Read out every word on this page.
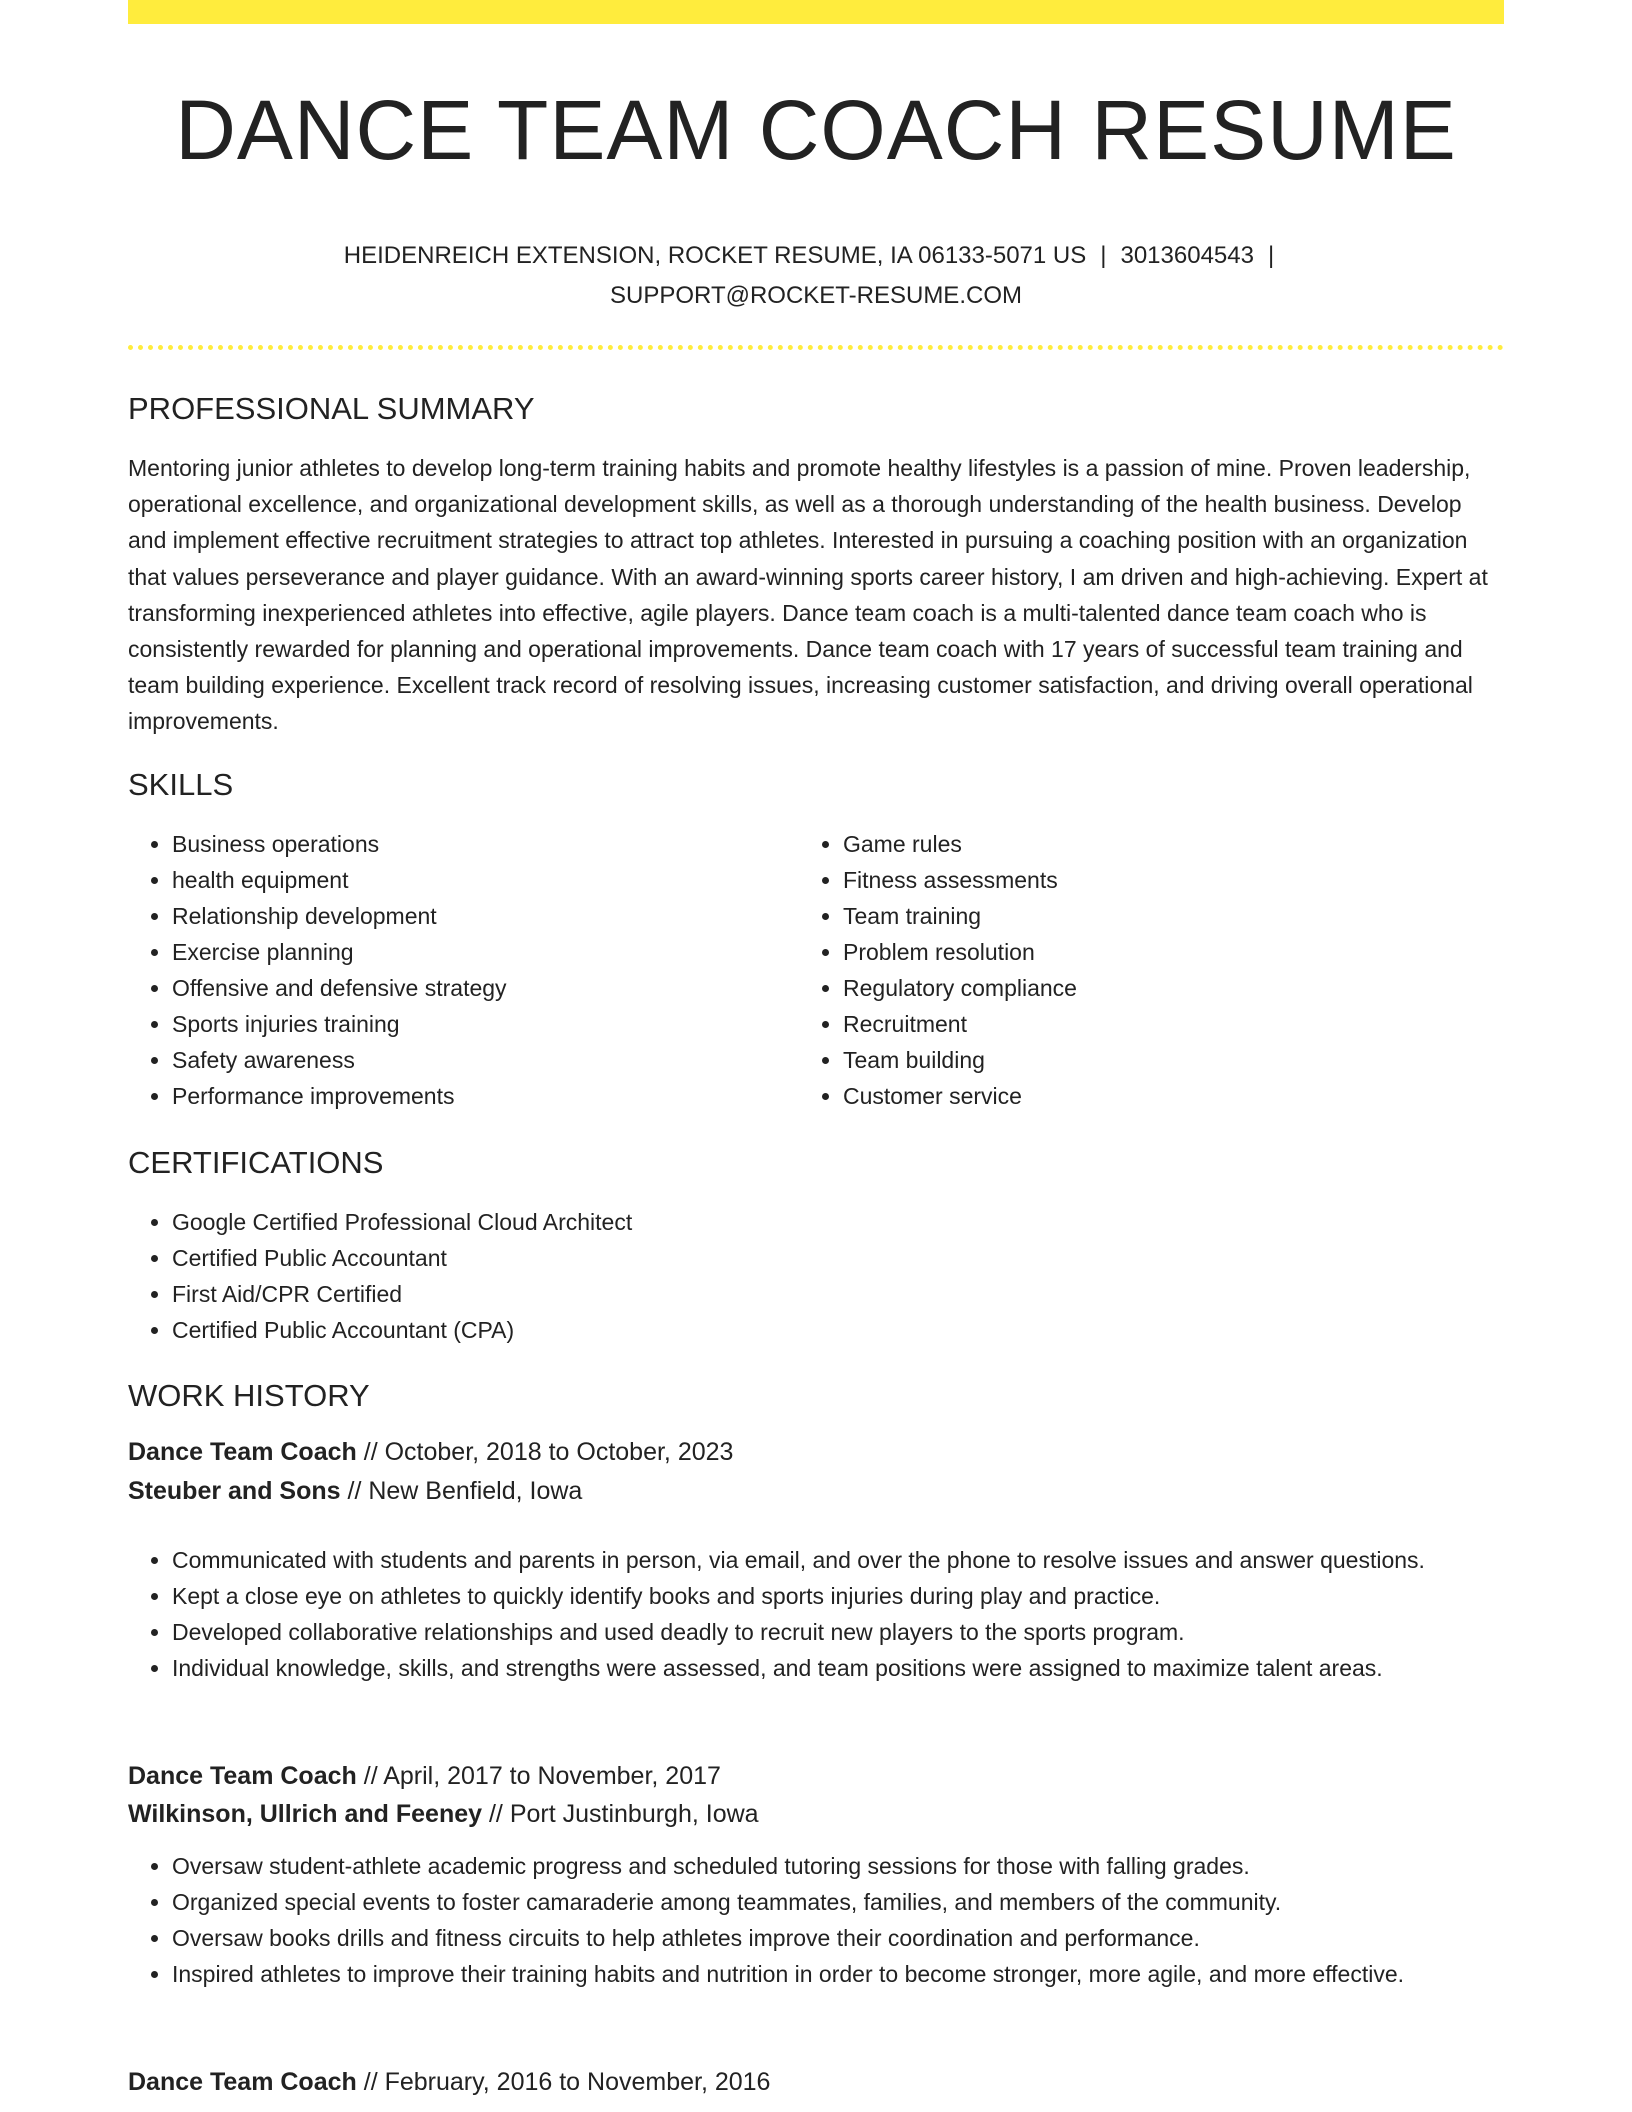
DANCE TEAM COACH RESUME
HEIDENREICH EXTENSION, ROCKET RESUME, IA 06133-5071 US | 3013604543 |
SUPPORT@ROCKET-RESUME.COM
PROFESSIONAL SUMMARY
Mentoring junior athletes to develop long-term training habits and promote healthy lifestyles is a passion of mine. Proven leadership, operational excellence, and organizational development skills, as well as a thorough understanding of the health business. Develop and implement effective recruitment strategies to attract top athletes. Interested in pursuing a coaching position with an organization that values perseverance and player guidance. With an award-winning sports career history, I am driven and high-achieving. Expert at transforming inexperienced athletes into effective, agile players. Dance team coach is a multi-talented dance team coach who is consistently rewarded for planning and operational improvements. Dance team coach with 17 years of successful team training and team building experience. Excellent track record of resolving issues, increasing customer satisfaction, and driving overall operational improvements.
SKILLS
• Business operations
• health equipment
• Relationship development
• Exercise planning
• Offensive and defensive strategy
• Sports injuries training
• Safety awareness
• Performance improvements
• Game rules
• Fitness assessments
• Team training
• Problem resolution
• Regulatory compliance
• Recruitment
• Team building
• Customer service
CERTIFICATIONS
• Google Certified Professional Cloud Architect
• Certified Public Accountant
• First Aid/CPR Certified
• Certified Public Accountant (CPA)
WORK HISTORY
Dance Team Coach // October, 2018 to October, 2023
Steuber and Sons // New Benfield, Iowa
• Communicated with students and parents in person, via email, and over the phone to resolve issues and answer questions.
• Kept a close eye on athletes to quickly identify books and sports injuries during play and practice.
• Developed collaborative relationships and used deadly to recruit new players to the sports program.
• Individual knowledge, skills, and strengths were assessed, and team positions were assigned to maximize talent areas.
Dance Team Coach // April, 2017 to November, 2017
Wilkinson, Ullrich and Feeney // Port Justinburgh, Iowa
• Oversaw student-athlete academic progress and scheduled tutoring sessions for those with falling grades.
• Organized special events to foster camaraderie among teammates, families, and members of the community.
• Oversaw books drills and fitness circuits to help athletes improve their coordination and performance.
• Inspired athletes to improve their training habits and nutrition in order to become stronger, more agile, and more effective.
Dance Team Coach // February, 2016 to November, 2016
